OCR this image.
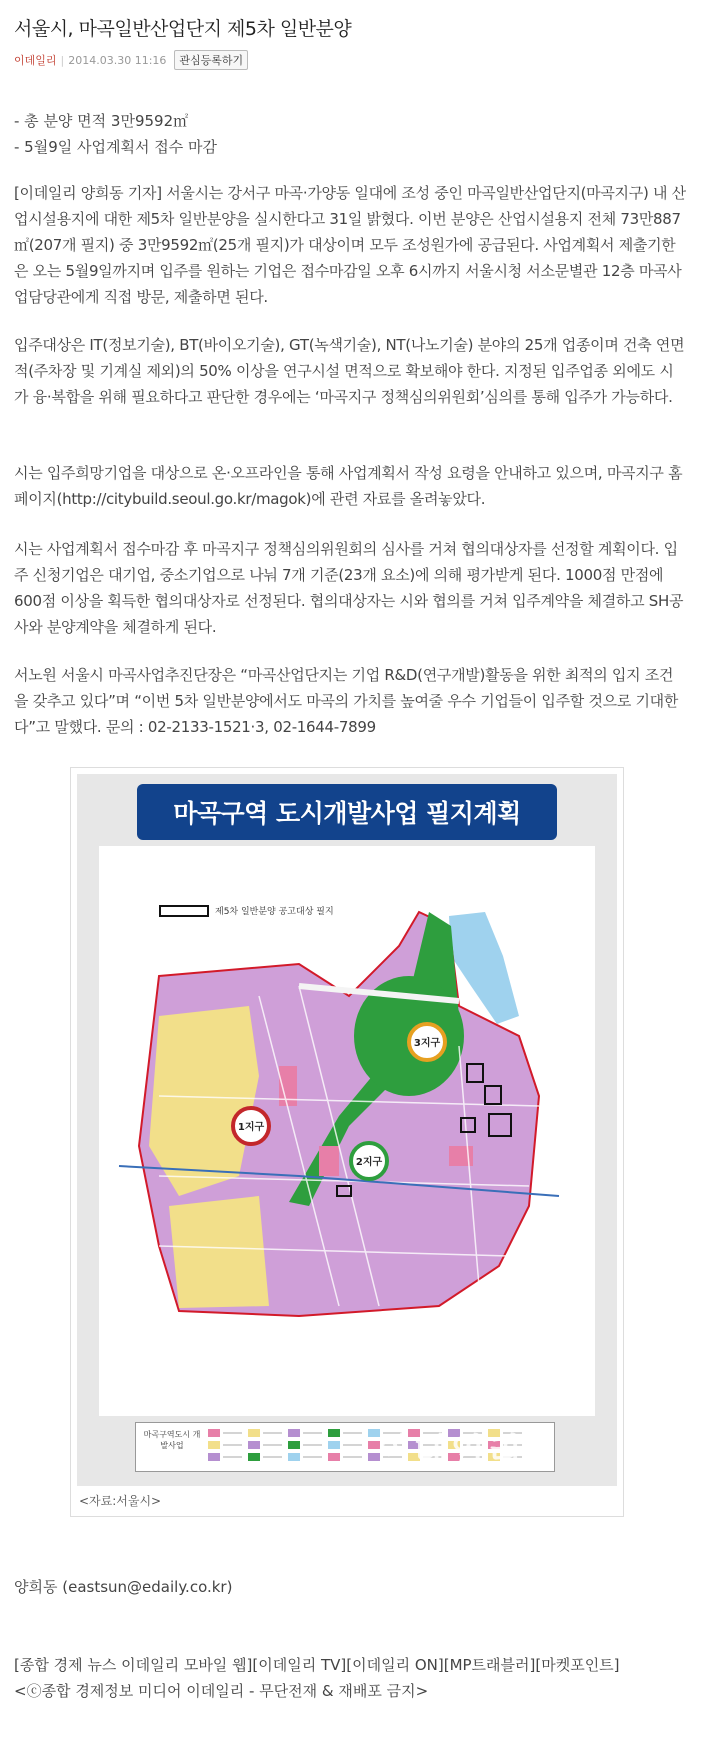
서울시, 마곡일반산업단지 제5차 일반분양
이데일리 | 2014.03.30 11:16	관심등록하기
- 총 분양 면적 3만9592㎡
- 5월9일 사업계획서 접수 마감
[이데일리 양희동 기자] 서울시는 강서구 마곡·가양동 일대에 조성 중인 마곡일반산업단지(마곡지구) 내 산업시설용지에 대한 제5차 일반분양을 실시한다고 31일 밝혔다. 이번 분양은 산업시설용지 전체 73만887㎡(207개 필지) 중 3만9592㎡(25개 필지)가 대상이며 모두 조성원가에 공급된다. 사업계획서 제출기한은 오는 5월9일까지며 입주를 원하는 기업은 접수마감일 오후 6시까지 서울시청 서소문별관 12층 마곡사업담당관에게 직접 방문, 제출하면 된다.
입주대상은 IT(정보기술), BT(바이오기술), GT(녹색기술), NT(나노기술) 분야의 25개 업종이며 건축 연면적(주차장 및 기계실 제외)의 50% 이상을 연구시설 면적으로 확보해야 한다. 지정된 입주업종 외에도 시가 융·복합을 위해 필요하다고 판단한 경우에는 ‘마곡지구 정책심의위원회’심의를 통해 입주가 가능하다.
시는 입주희망기업을 대상으로 온·오프라인을 통해 사업계획서 작성 요령을 안내하고 있으며, 마곡지구 홈페이지(http://citybuild.seoul.go.kr/magok)에 관련 자료를 올려놓았다.
시는 사업계획서 접수마감 후 마곡지구 정책심의위원회의 심사를 거쳐 협의대상자를 선정할 계획이다. 입주 신청기업은 대기업, 중소기업으로 나눠 7개 기준(23개 요소)에 의해 평가받게 된다. 1000점 만점에 600점 이상을 획득한 협의대상자로 선정된다. 협의대상자는 시와 협의를 거쳐 입주계약을 체결하고 SH공사와 분양계약을 체결하게 된다.
서노원 서울시 마곡사업추진단장은 “마곡산업단지는 기업 R&D(연구개발)활동을 위한 최적의 입지 조건을 갖추고 있다”며 “이번 5차 일반분양에서도 마곡의 가치를 높여줄 우수 기업들이 입주할 것으로 기대한다”고 말했다. 문의 : 02-2133-1521·3, 02-1644-7899
마곡구역 도시개발사업 필지계획
제5차 일반분양 공고대상 필지
1지구
2지구
3지구
마곡구역도시 개발사업	이데일리
<자료:서울시>
양희동 (eastsun@edaily.co.kr)
[종합 경제 뉴스 이데일리 모바일 웹][이데일리 TV][이데일리 ON][MP트래블러][마켓포인트]
<ⓒ종합 경제정보 미디어 이데일리 - 무단전재 & 재배포 금지>
